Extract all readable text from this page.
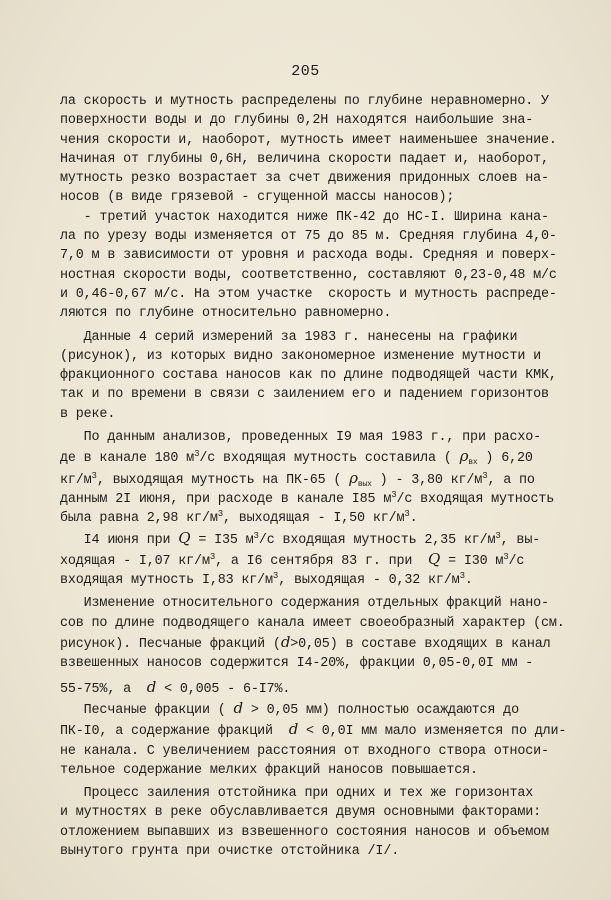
205
ла скорость и мутность распределены по глубине неравномерно. У
поверхности воды и до глубины 0,2Н находятся наибольшие зна-
чения скорости и, наоборот, мутность имеет наименьшее значение.
Начиная от глубины 0,6Н, величина скорости падает и, наоборот,
мутность резко возрастает за счет движения придонных слоев на-
носов (в виде грязевой - сгущенной массы наносов);
- третий участок находится ниже ПК-42 до НС-I. Ширина кана-
ла по урезу воды изменяется от 75 до 85 м. Средняя глубина 4,0-
7,0 м в зависимости от уровня и расхода воды. Средняя и поверх-
ностная скорости воды, соответственно, составляют 0,23-0,48 м/с
и 0,46-0,67 м/с. На этом участке  скорость и мутность распреде-
ляются по глубине относительно равномерно.
Данные 4 серий измерений за 1983 г. нанесены на графики
(рисунок), из которых видно закономерное изменение мутности и
фракционного состава наносов как по длине подводящей части КМК,
так и по времени в связи с заилением его и падением горизонтов
в реке.
По данным анализов, проведенных I9 мая 1983 г., при расхо-
де в канале 180 $м^3/с$ входящая мутность составила ( $\rho_{вх}$ ) 6,20
$кг/м^3$, выходящая мутность на ПК-65 ( $\rho_{вых}$ ) - 3,80 $кг/м^3$, а по
данным 2I июня, при расходе в канале I85 $м^3/с$ входящая мутность
была равна 2,98 $кг/м^3$, выходящая - I,50 $кг/м^3$.
I4 июня при Q = I35 $м^3/с$ входящая мутность 2,35 $кг/м^3$, вы-
ходящая - I,07 $кг/м^3$, а I6 сентября 83 г. при  Q = I30 $м^3/с$
входящая мутность I,83 $кг/м^3$, выходящая - 0,32 $кг/м^3$.
Изменение относительного содержания отдельных фракций нано-
сов по длине подводящего канала имеет своеобразный характер (см.
рисунок). Песчаные фракций (d>0,05) в составе входящих в канал
взвешенных наносов содержится I4-20%, фракции 0,05-0,0I мм -
55-75%, а  d < 0,005 - 6-I7%.
Песчаные фракции ( d > 0,05 мм) полностью осаждаются до
ПК-I0, а содержание фракций  d < 0,0I мм мало изменяется по дли-
не канала. С увеличением расстояния от входного створа относи-
тельное содержание мелких фракций наносов повышается.
Процесс заиления отстойника при одних и тех же горизонтах
и мутностях в реке обуславливается двумя основными факторами:
отложением выпавших из взвешенного состояния наносов и объемом
вынутого грунта при очистке отстойника /I/.
